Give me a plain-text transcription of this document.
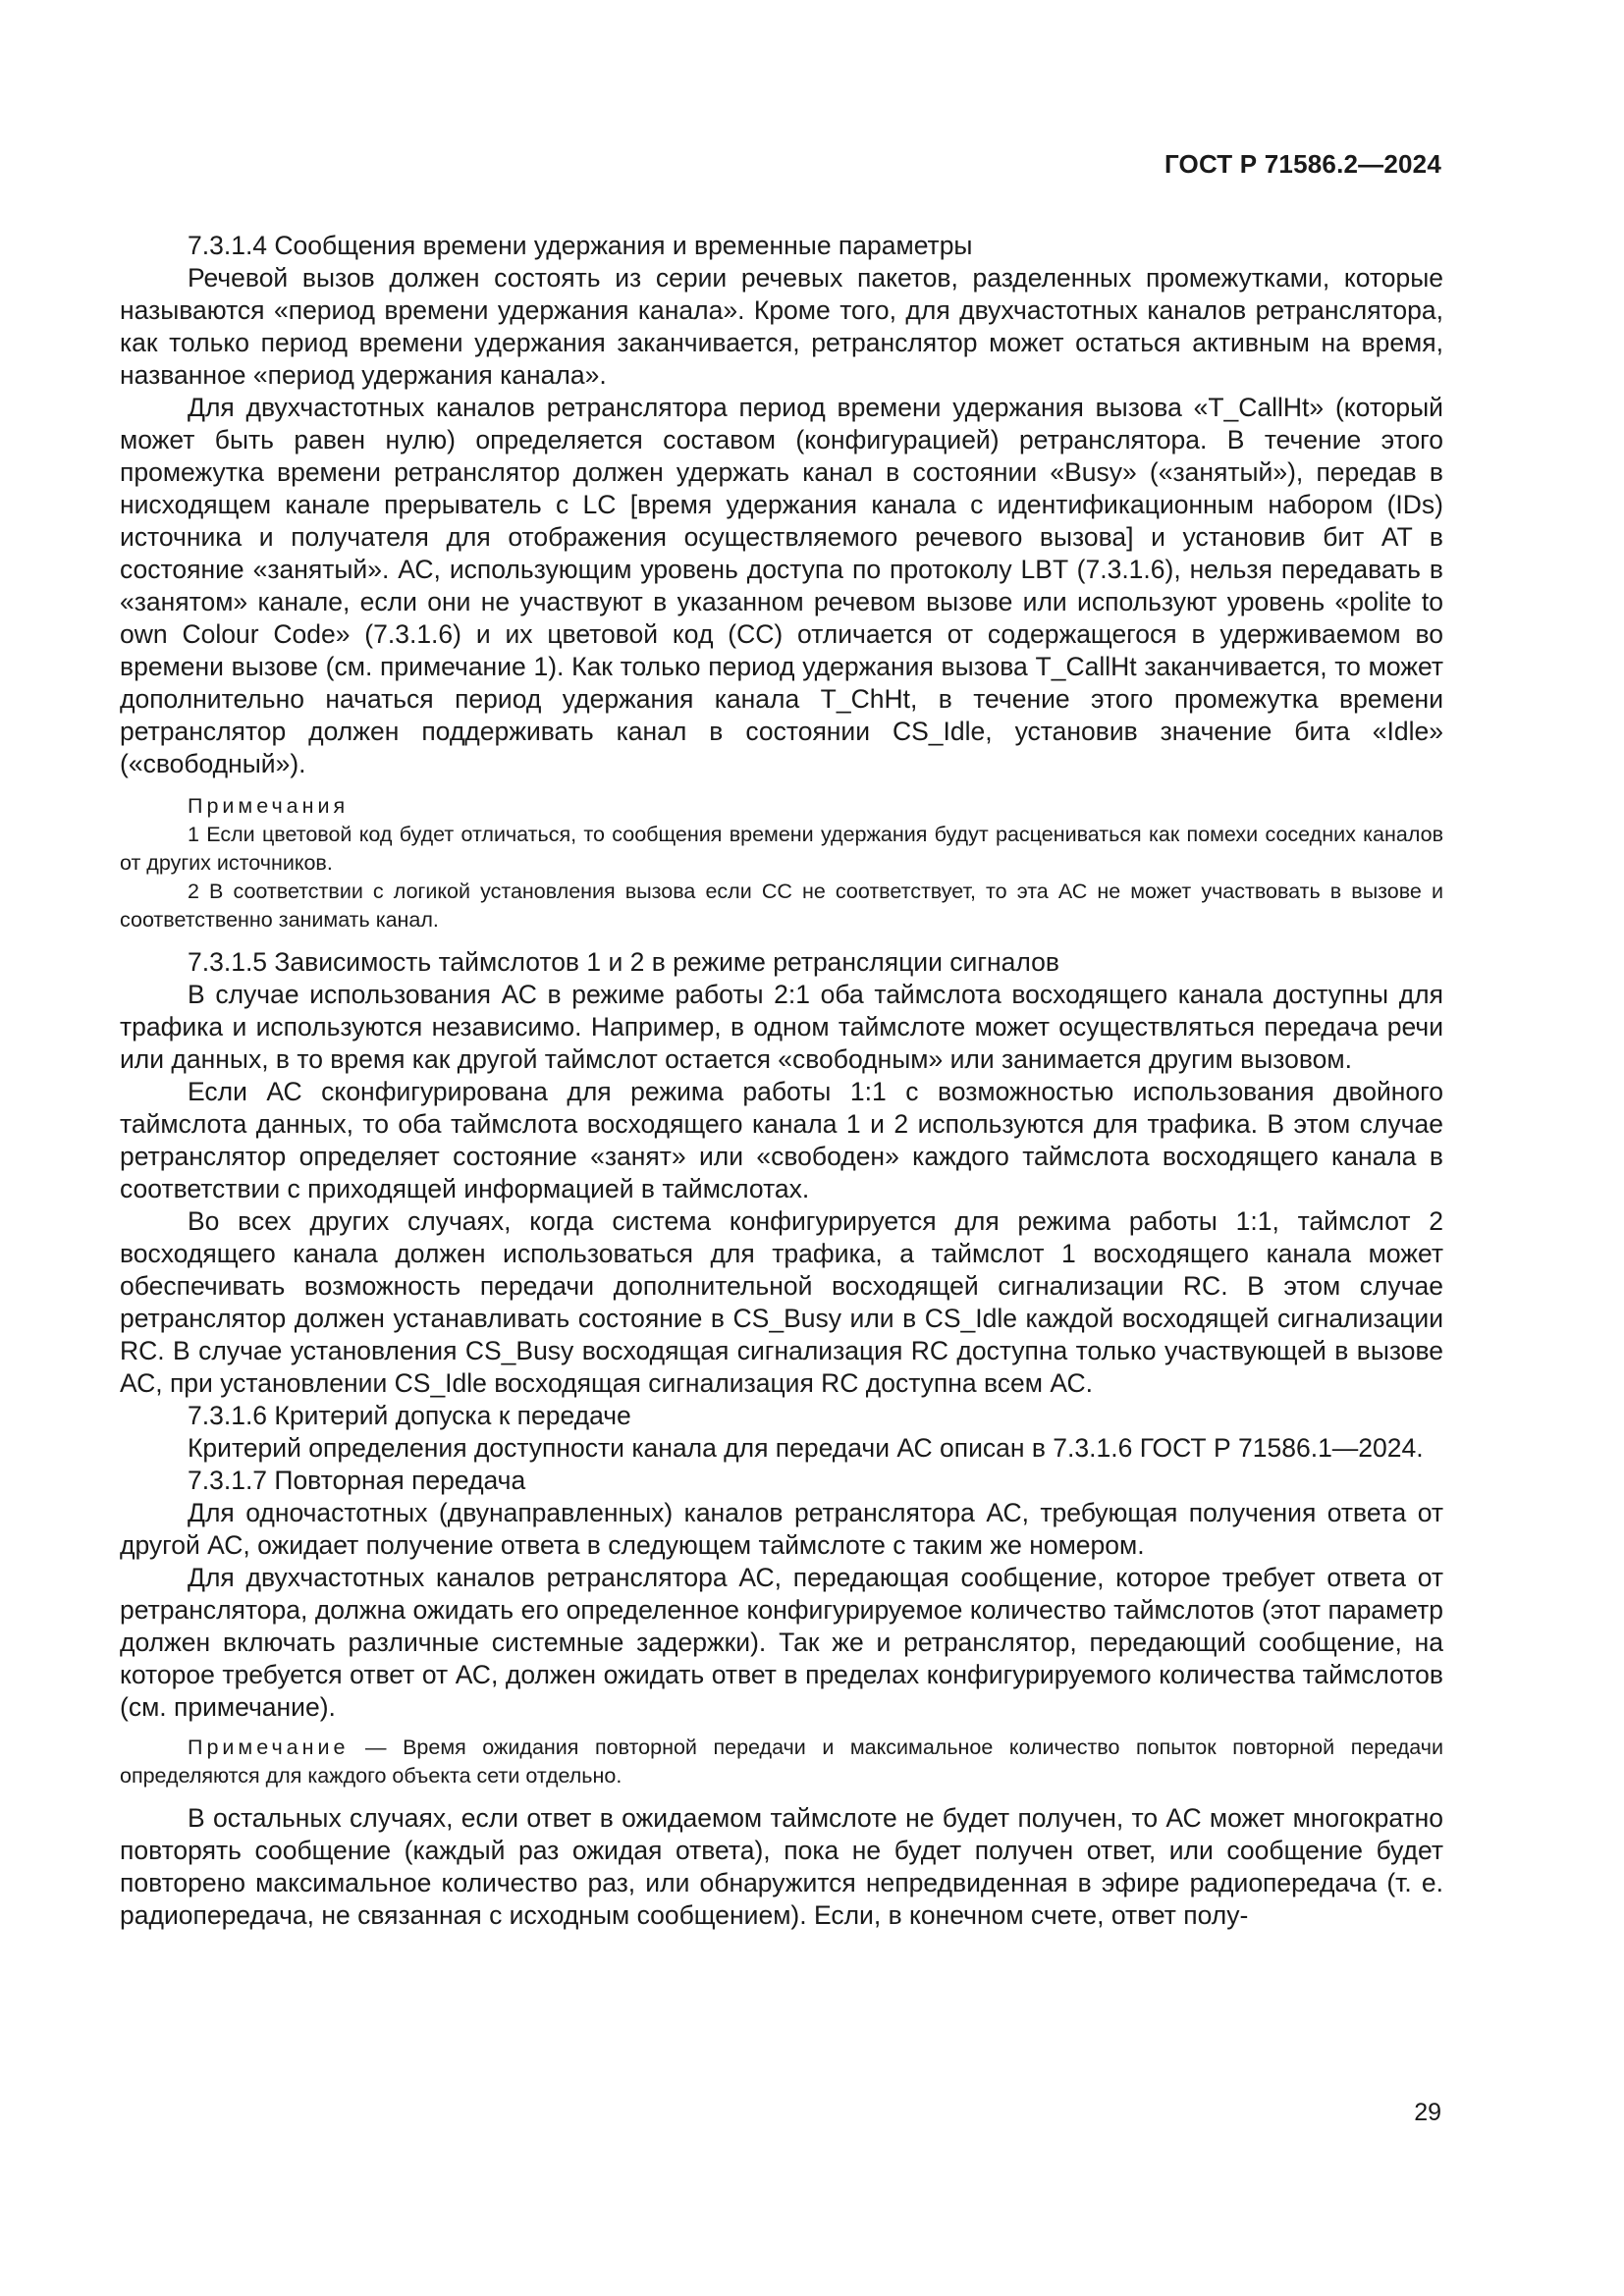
ГОСТ Р 71586.2—2024

7.3.1.4 Сообщения времени удержания и временные параметры

Речевой вызов должен состоять из серии речевых пакетов, разделенных промежутками, которые называются «период времени удержания канала». Кроме того, для двухчастотных каналов ретранслятора, как только период времени удержания заканчивается, ретранслятор может остаться активным на время, названное «период удержания канала».

Для двухчастотных каналов ретранслятора период времени удержания вызова «T_CallHt» (который может быть равен нулю) определяется составом (конфигурацией) ретранслятора. В течение этого промежутка времени ретранслятор должен удержать канал в состоянии «Busy» («занятый»), передав в нисходящем канале прерыватель с LC [время удержания канала с идентификационным набором (IDs) источника и получателя для отображения осуществляемого речевого вызова] и установив бит AT в состояние «занятый». АС, использующим уровень доступа по протоколу LBT (7.3.1.6), нельзя передавать в «занятом» канале, если они не участвуют в указанном речевом вызове или используют уровень «polite to own Colour Code» (7.3.1.6) и их цветовой код (СС) отличается от содержащегося в удерживаемом во времени вызове (см. примечание 1). Как только период удержания вызова T_CallHt заканчивается, то может дополнительно начаться период удержания канала T_ChHt, в течение этого промежутка времени ретранслятор должен поддерживать канал в состоянии CS_Idle, установив значение бита «Idle» («свободный»).

Примечания

1 Если цветовой код будет отличаться, то сообщения времени удержания будут расцениваться как помехи соседних каналов от других источников.

2 В соответствии с логикой установления вызова если СС не соответствует, то эта АС не может участвовать в вызове и соответственно занимать канал.

7.3.1.5 Зависимость таймслотов 1 и 2 в режиме ретрансляции сигналов

В случае использования АС в режиме работы 2:1 оба таймслота восходящего канала доступны для трафика и используются независимо. Например, в одном таймслоте может осуществляться передача речи или данных, в то время как другой таймслот остается «свободным» или занимается другим вызовом.

Если АС сконфигурирована для режима работы 1:1 с возможностью использования двойного таймслота данных, то оба таймслота восходящего канала 1 и 2 используются для трафика. В этом случае ретранслятор определяет состояние «занят» или «свободен» каждого таймслота восходящего канала в соответствии с приходящей информацией в таймслотах.

Во всех других случаях, когда система конфигурируется для режима работы 1:1, таймслот 2 восходящего канала должен использоваться для трафика, а таймслот 1 восходящего канала может обеспечивать возможность передачи дополнительной восходящей сигнализации RC. В этом случае ретранслятор должен устанавливать состояние в CS_Busy или в CS_Idle каждой восходящей сигнализации RC. В случае установления CS_Busy восходящая сигнализация RC доступна только участвующей в вызове АС, при установлении CS_Idle восходящая сигнализация RC доступна всем АС.

7.3.1.6 Критерий допуска к передаче

Критерий определения доступности канала для передачи АС описан в 7.3.1.6 ГОСТ Р 71586.1—2024.

7.3.1.7 Повторная передача

Для одночастотных (двунаправленных) каналов ретранслятора АС, требующая получения ответа от другой АС, ожидает получение ответа в следующем таймслоте с таким же номером.

Для двухчастотных каналов ретранслятора АС, передающая сообщение, которое требует ответа от ретранслятора, должна ожидать его определенное конфигурируемое количество таймслотов (этот параметр должен включать различные системные задержки). Так же и ретранслятор, передающий сообщение, на которое требуется ответ от АС, должен ожидать ответ в пределах конфигурируемого количества таймслотов (см. примечание).

Примечание — Время ожидания повторной передачи и максимальное количество попыток повторной передачи определяются для каждого объекта сети отдельно.

В остальных случаях, если ответ в ожидаемом таймслоте не будет получен, то АС может многократно повторять сообщение (каждый раз ожидая ответа), пока не будет получен ответ, или сообщение будет повторено максимальное количество раз, или обнаружится непредвиденная в эфире радиопередача (т. е. радиопередача, не связанная с исходным сообщением). Если, в конечном счете, ответ полу-

29
